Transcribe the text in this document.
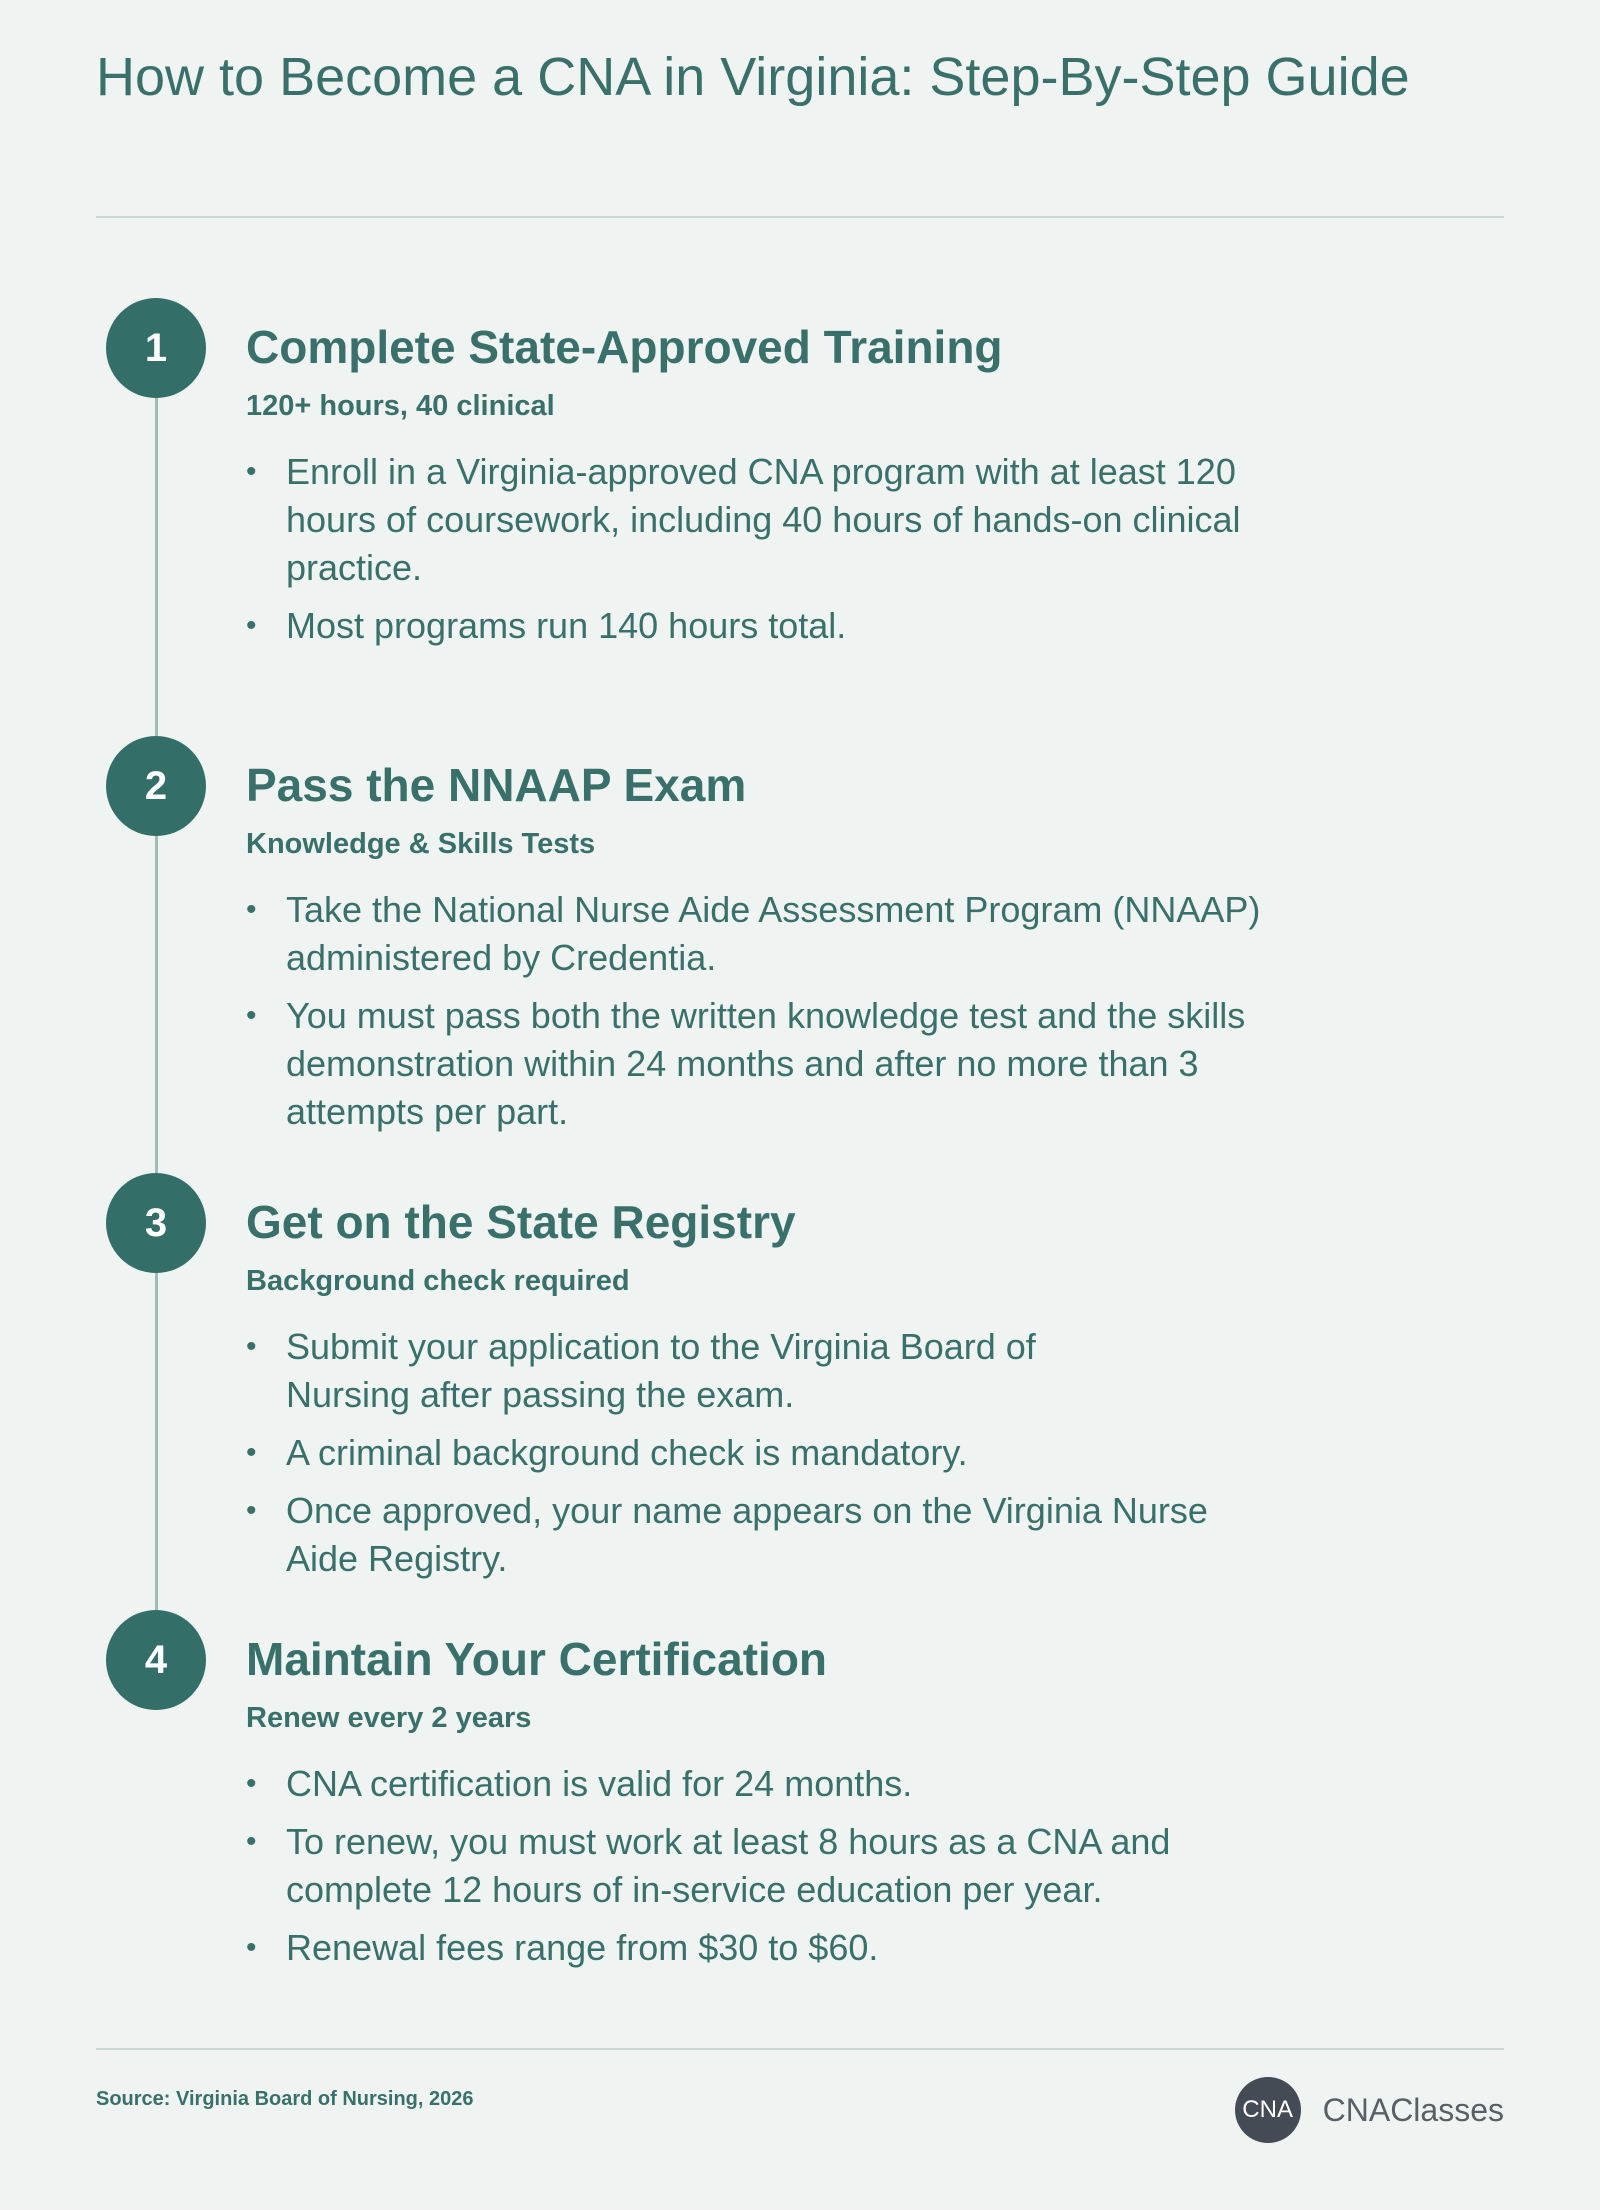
How to Become a CNA in Virginia: Step-By-Step Guide
1	Complete State-Approved Training
120+ hours, 40 clinical
• Enroll in a Virginia-approved CNA program with at least 120 hours of coursework, including 40 hours of hands-on clinical practice.
• Most programs run 140 hours total.
2	Pass the NNAAP Exam
Knowledge & Skills Tests
• Take the National Nurse Aide Assessment Program (NNAAP) administered by Credentia.
• You must pass both the written knowledge test and the skills demonstration within 24 months and after no more than 3 attempts per part.
3	Get on the State Registry
Background check required
• Submit your application to the Virginia Board of Nursing after passing the exam.
• A criminal background check is mandatory.
• Once approved, your name appears on the Virginia Nurse Aide Registry.
4	Maintain Your Certification
Renew every 2 years
• CNA certification is valid for 24 months.
• To renew, you must work at least 8 hours as a CNA and complete 12 hours of in-service education per year.
• Renewal fees range from $30 to $60.
Source: Virginia Board of Nursing, 2026	CNA CNAClasses
